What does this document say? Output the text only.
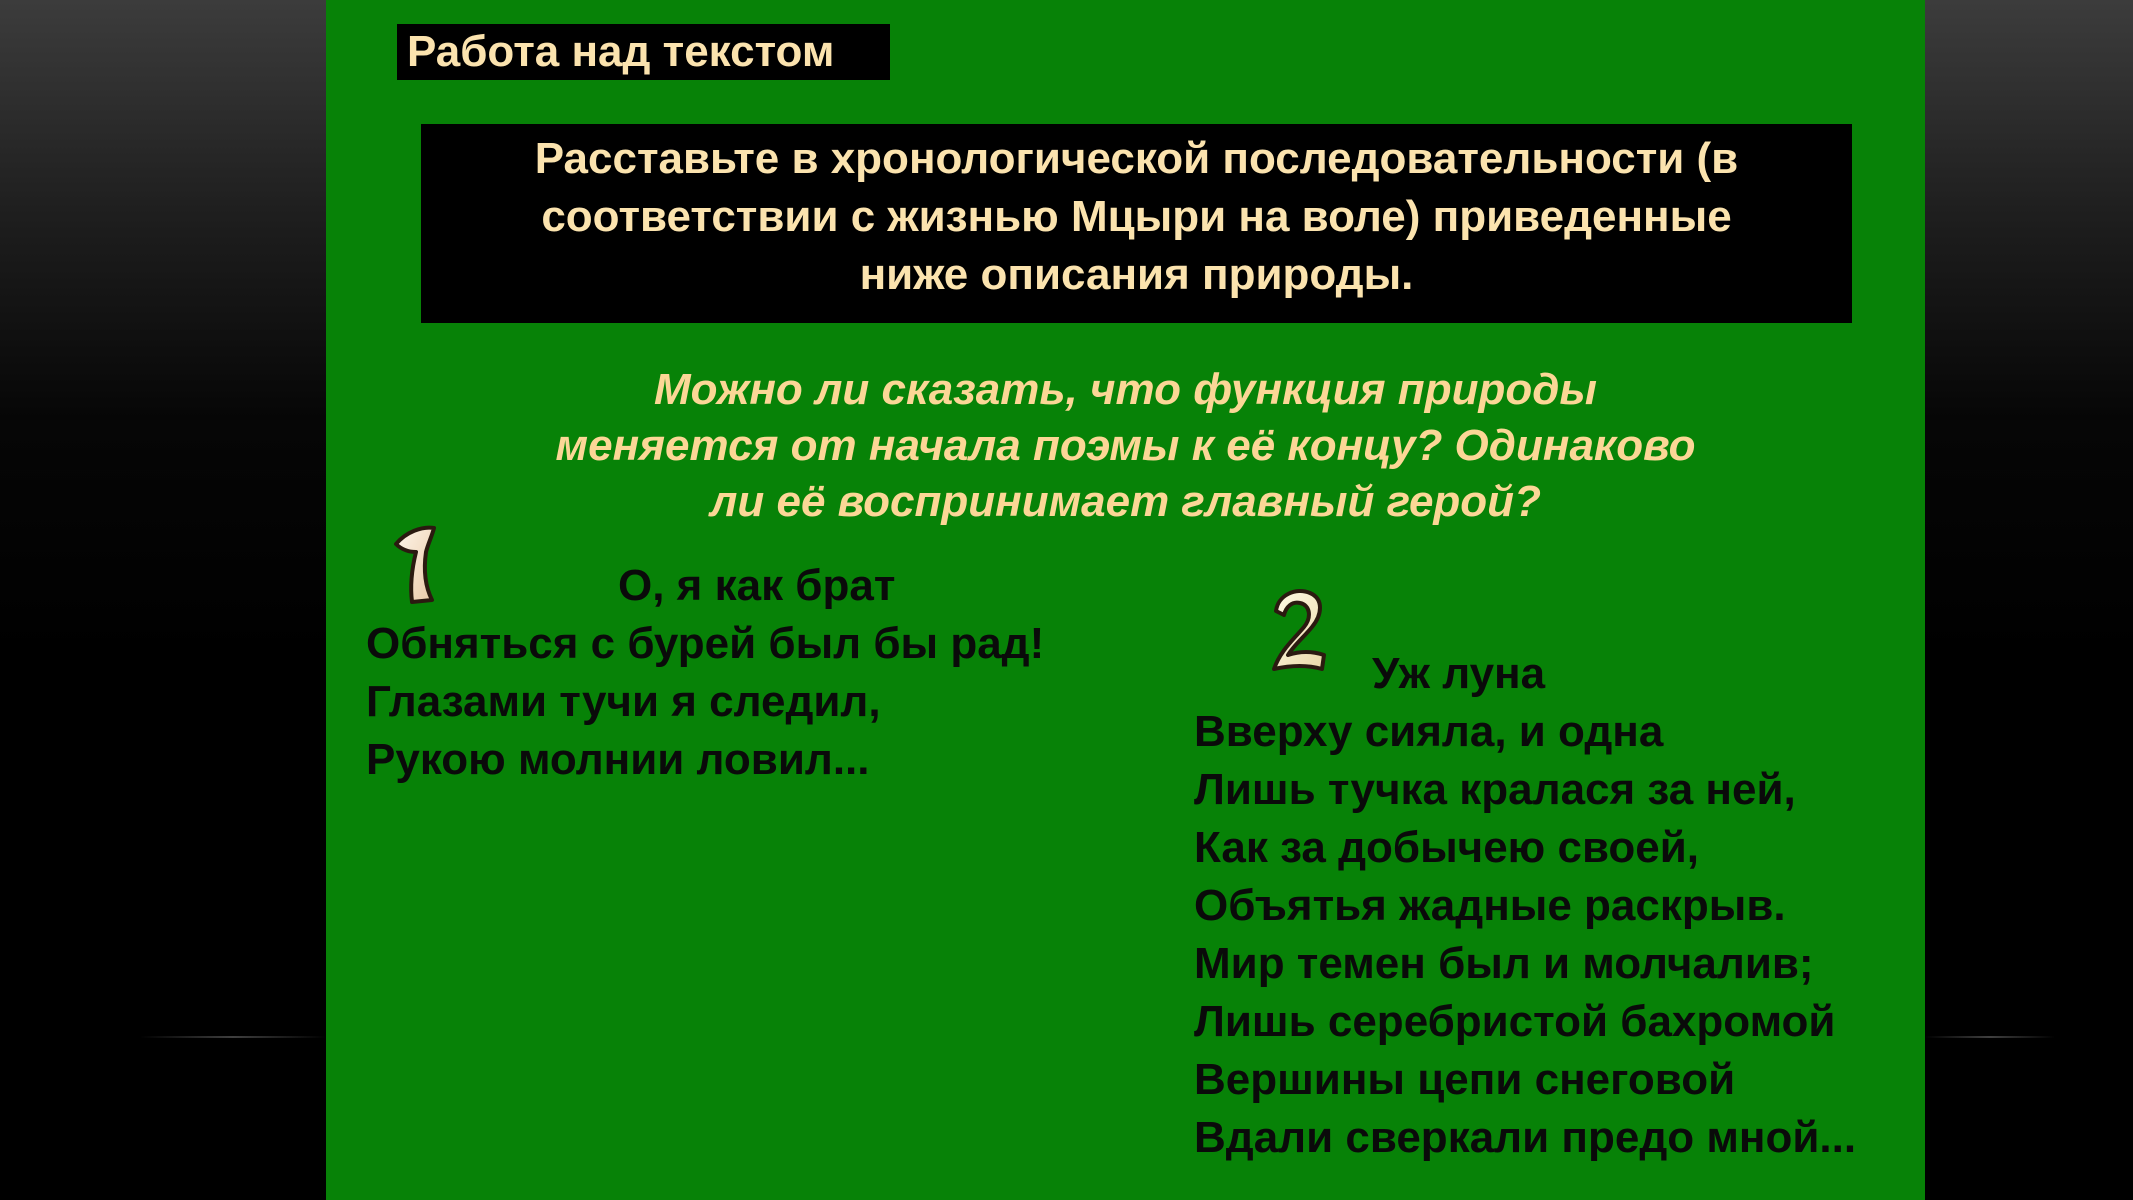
Работа над текстом
Расставьте в хронологической последовательности (в
соответствии с жизнью Мцыри на воле) приведенные
ниже описания природы.
Можно ли сказать, что функция природы
меняется от начала поэмы к её концу? Одинаково
ли её воспринимает главный герой?
О, я как брат
Обняться с бурей был бы рад!
Глазами тучи я следил,
Рукою молнии ловил...
Уж луна
Вверху сияла, и одна
Лишь тучка кралася за ней,
Как за добычею своей,
Объятья жадные раскрыв.
Мир темен был и молчалив;
Лишь серебристой бахромой
Вершины цепи снеговой
Вдали сверкали предо мной...
